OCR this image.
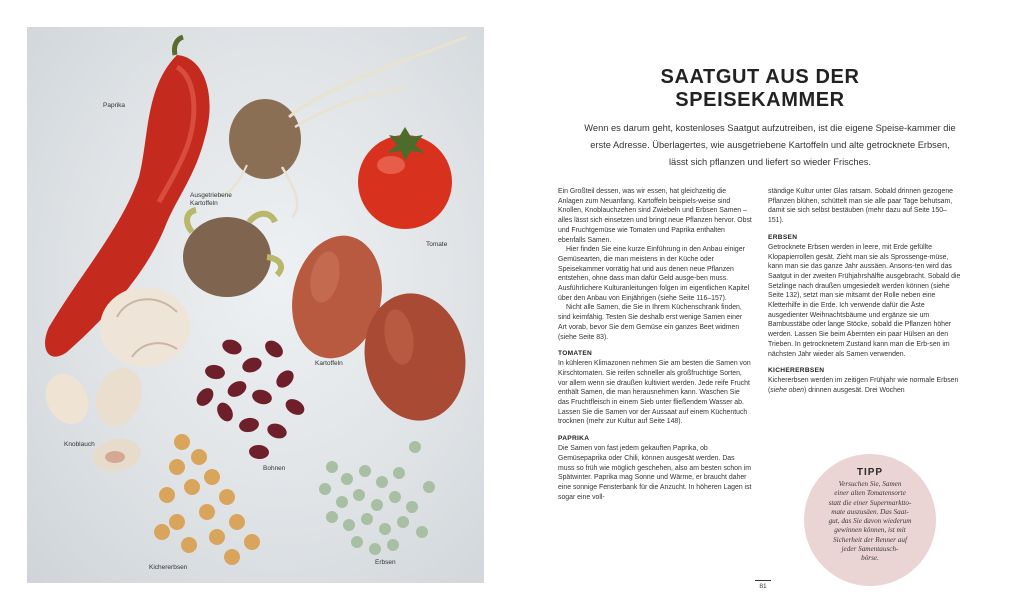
Paprika
Ausgetriebene
Kartoffeln
Tomate
Kartoffeln
Knoblauch
Bohnen
Kichererbsen
Erbsen
SAATGUT AUS DER
SPEISEKAMMER

Wenn es darum geht, kostenloses Saatgut aufzutreiben, ist die eigene Speise-kammer die erste Adresse. Überlagertes, wie ausgetriebene Kartoffeln und alte getrocknete Erbsen, lässt sich pflanzen und liefert so wieder Frisches.

Ein Großteil dessen, was wir essen, hat gleichzeitig die Anlagen zum Neuanfang. Kartoffeln beispiels-weise sind Knollen, Knoblauchzehen sind Zwiebeln und Erbsen Samen – alles lässt sich einsetzen und bringt neue Pflanzen hervor. Obst und Fruchtgemüse wie Tomaten und Paprika enthalten ebenfalls Samen.

Hier finden Sie eine kurze Einführung in den Anbau einiger Gemüsearten, die man meistens in der Küche oder Speisekammer vorrätig hat und aus denen neue Pflanzen entstehen, ohne dass man dafür Geld ausge-ben muss. Ausführlichere Kulturanleitungen folgen im eigentlichen Kapitel über den Anbau von Einjährigen (siehe Seite 116–157).

Nicht alle Samen, die Sie in Ihrem Küchenschrank finden, sind keimfähig. Testen Sie deshalb erst wenige Samen einer Art vorab, bevor Sie dem Gemüse ein ganzes Beet widmen (siehe Seite 83).

TOMATEN

In kühleren Klimazonen nehmen Sie am besten die Samen von Kirschtomaten. Sie reifen schneller als großfruchtige Sorten, vor allem wenn sie draußen kultiviert werden. Jede reife Frucht enthält Samen, die man herausnehmen kann. Waschen Sie das Fruchtfleisch in einem Sieb unter fließendem Wasser ab. Lassen Sie die Samen vor der Aussaat auf einem Küchentuch trocknen (mehr zur Kultur auf Seite 148).

PAPRIKA

Die Samen von fast jedem gekauften Paprika, ob Gemüsepaprika oder Chili, können ausgesät werden. Das muss so früh wie möglich geschehen, also am besten schon im Spätwinter. Paprika mag Sonne und Wärme, er braucht daher eine sonnige Fensterbank für die Anzucht. In höheren Lagen ist sogar eine voll-

ständige Kultur unter Glas ratsam. Sobald drinnen gezogene Pflanzen blühen, schüttelt man sie alle paar Tage behutsam, damit sie sich selbst bestäuben (mehr dazu auf Seite 150–151).

ERBSEN

Getrocknete Erbsen werden in leere, mit Erde gefüllte Klopapierrollen gesät. Zieht man sie als Sprossenge-müse, kann man sie das ganze Jahr aussäen. Ansons-ten wird das Saatgut in der zweiten Frühjahrshälfte ausgebracht. Sobald die Setzlinge nach draußen umgesiedelt werden können (siehe Seite 132), setzt man sie mitsamt der Rolle neben eine Kletterhilfe in die Erde. Ich verwende dafür die Äste ausgedienter Weihnachtsbäume und ergänze sie um Bambusstäbe oder lange Stöcke, sobald die Pflanzen höher werden. Lassen Sie beim Abernten ein paar Hülsen an den Trieben. In getrocknetem Zustand kann man die Erb-sen im nächsten Jahr wieder als Samen verwenden.

KICHERERBSEN

Kichererbsen werden im zeitigen Frühjahr wie normale Erbsen (siehe oben) drinnen ausgesät. Drei Wochen

TIPP
Versuchen Sie, Samen
einer alten Tomatensorte
statt die einer Supermarktto-
mate auszusäen. Das Saat-
gut, das Sie davon wiederum
gewinnen können, ist mit
Sicherheit der Renner auf
jeder Samentausch-
börse.
81
